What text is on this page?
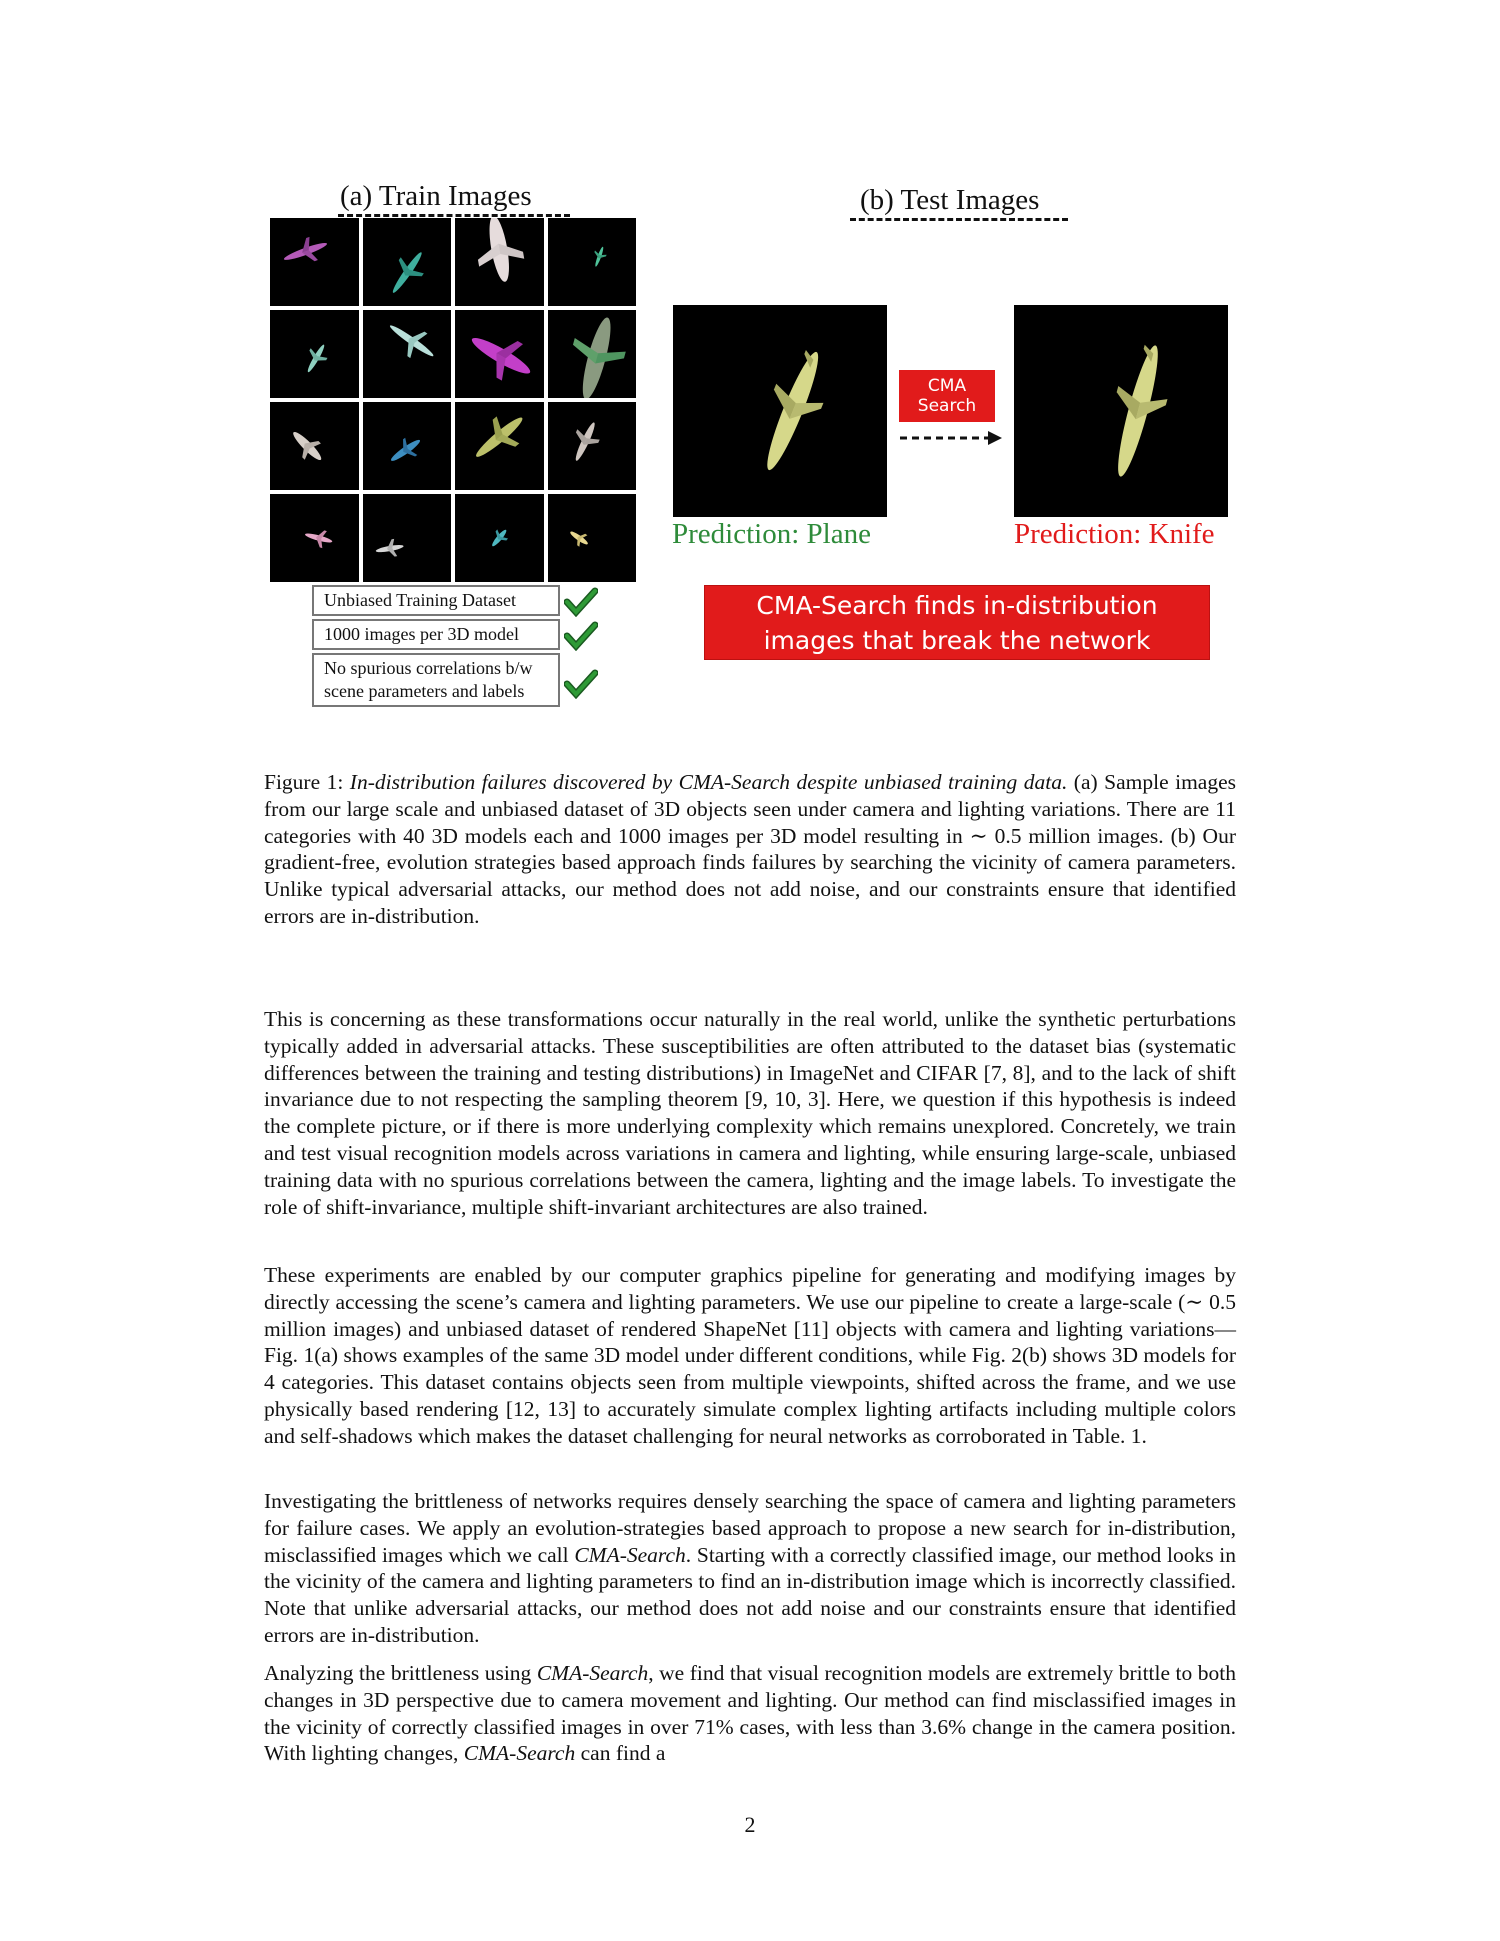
(a) Train Images
Unbiased Training Dataset
1000 images per 3D model
No spurious correlations b/w
scene parameters and labels
(b) Test Images
CMA
Search
Prediction: Plane	Prediction: Knife
CMA-Search finds in-distribution
images that break the network
Figure 1: In-distribution failures discovered by CMA-Search despite unbiased training data. (a) Sample images from our large scale and unbiased dataset of 3D objects seen under camera and lighting variations. There are 11 categories with 40 3D models each and 1000 images per 3D model resulting in ∼ 0.5 million images. (b) Our gradient-free, evolution strategies based approach finds failures by searching the vicinity of camera parameters. Unlike typical adversarial attacks, our method does not add noise, and our constraints ensure that identified errors are in-distribution.
This is concerning as these transformations occur naturally in the real world, unlike the synthetic perturbations typically added in adversarial attacks. These susceptibilities are often attributed to the dataset bias (systematic differences between the training and testing distributions) in ImageNet and CIFAR [7, 8], and to the lack of shift invariance due to not respecting the sampling theorem [9, 10, 3]. Here, we question if this hypothesis is indeed the complete picture, or if there is more underlying complexity which remains unexplored. Concretely, we train and test visual recognition models across variations in camera and lighting, while ensuring large-scale, unbiased training data with no spurious correlations between the camera, lighting and the image labels. To investigate the role of shift-invariance, multiple shift-invariant architectures are also trained.
These experiments are enabled by our computer graphics pipeline for generating and modifying images by directly accessing the scene’s camera and lighting parameters. We use our pipeline to create a large-scale (∼ 0.5 million images) and unbiased dataset of rendered ShapeNet [11] objects with camera and lighting variations—Fig. 1(a) shows examples of the same 3D model under different conditions, while Fig. 2(b) shows 3D models for 4 categories. This dataset contains objects seen from multiple viewpoints, shifted across the frame, and we use physically based rendering [12, 13] to accurately simulate complex lighting artifacts including multiple colors and self-shadows which makes the dataset challenging for neural networks as corroborated in Table. 1.
Investigating the brittleness of networks requires densely searching the space of camera and lighting parameters for failure cases. We apply an evolution-strategies based approach to propose a new search for in-distribution, misclassified images which we call CMA-Search. Starting with a correctly classified image, our method looks in the vicinity of the camera and lighting parameters to find an in-distribution image which is incorrectly classified. Note that unlike adversarial attacks, our method does not add noise and our constraints ensure that identified errors are in-distribution.
Analyzing the brittleness using CMA-Search, we find that visual recognition models are extremely brittle to both changes in 3D perspective due to camera movement and lighting. Our method can find misclassified images in the vicinity of correctly classified images in over 71% cases, with less than 3.6% change in the camera position. With lighting changes, CMA-Search can find a
2
